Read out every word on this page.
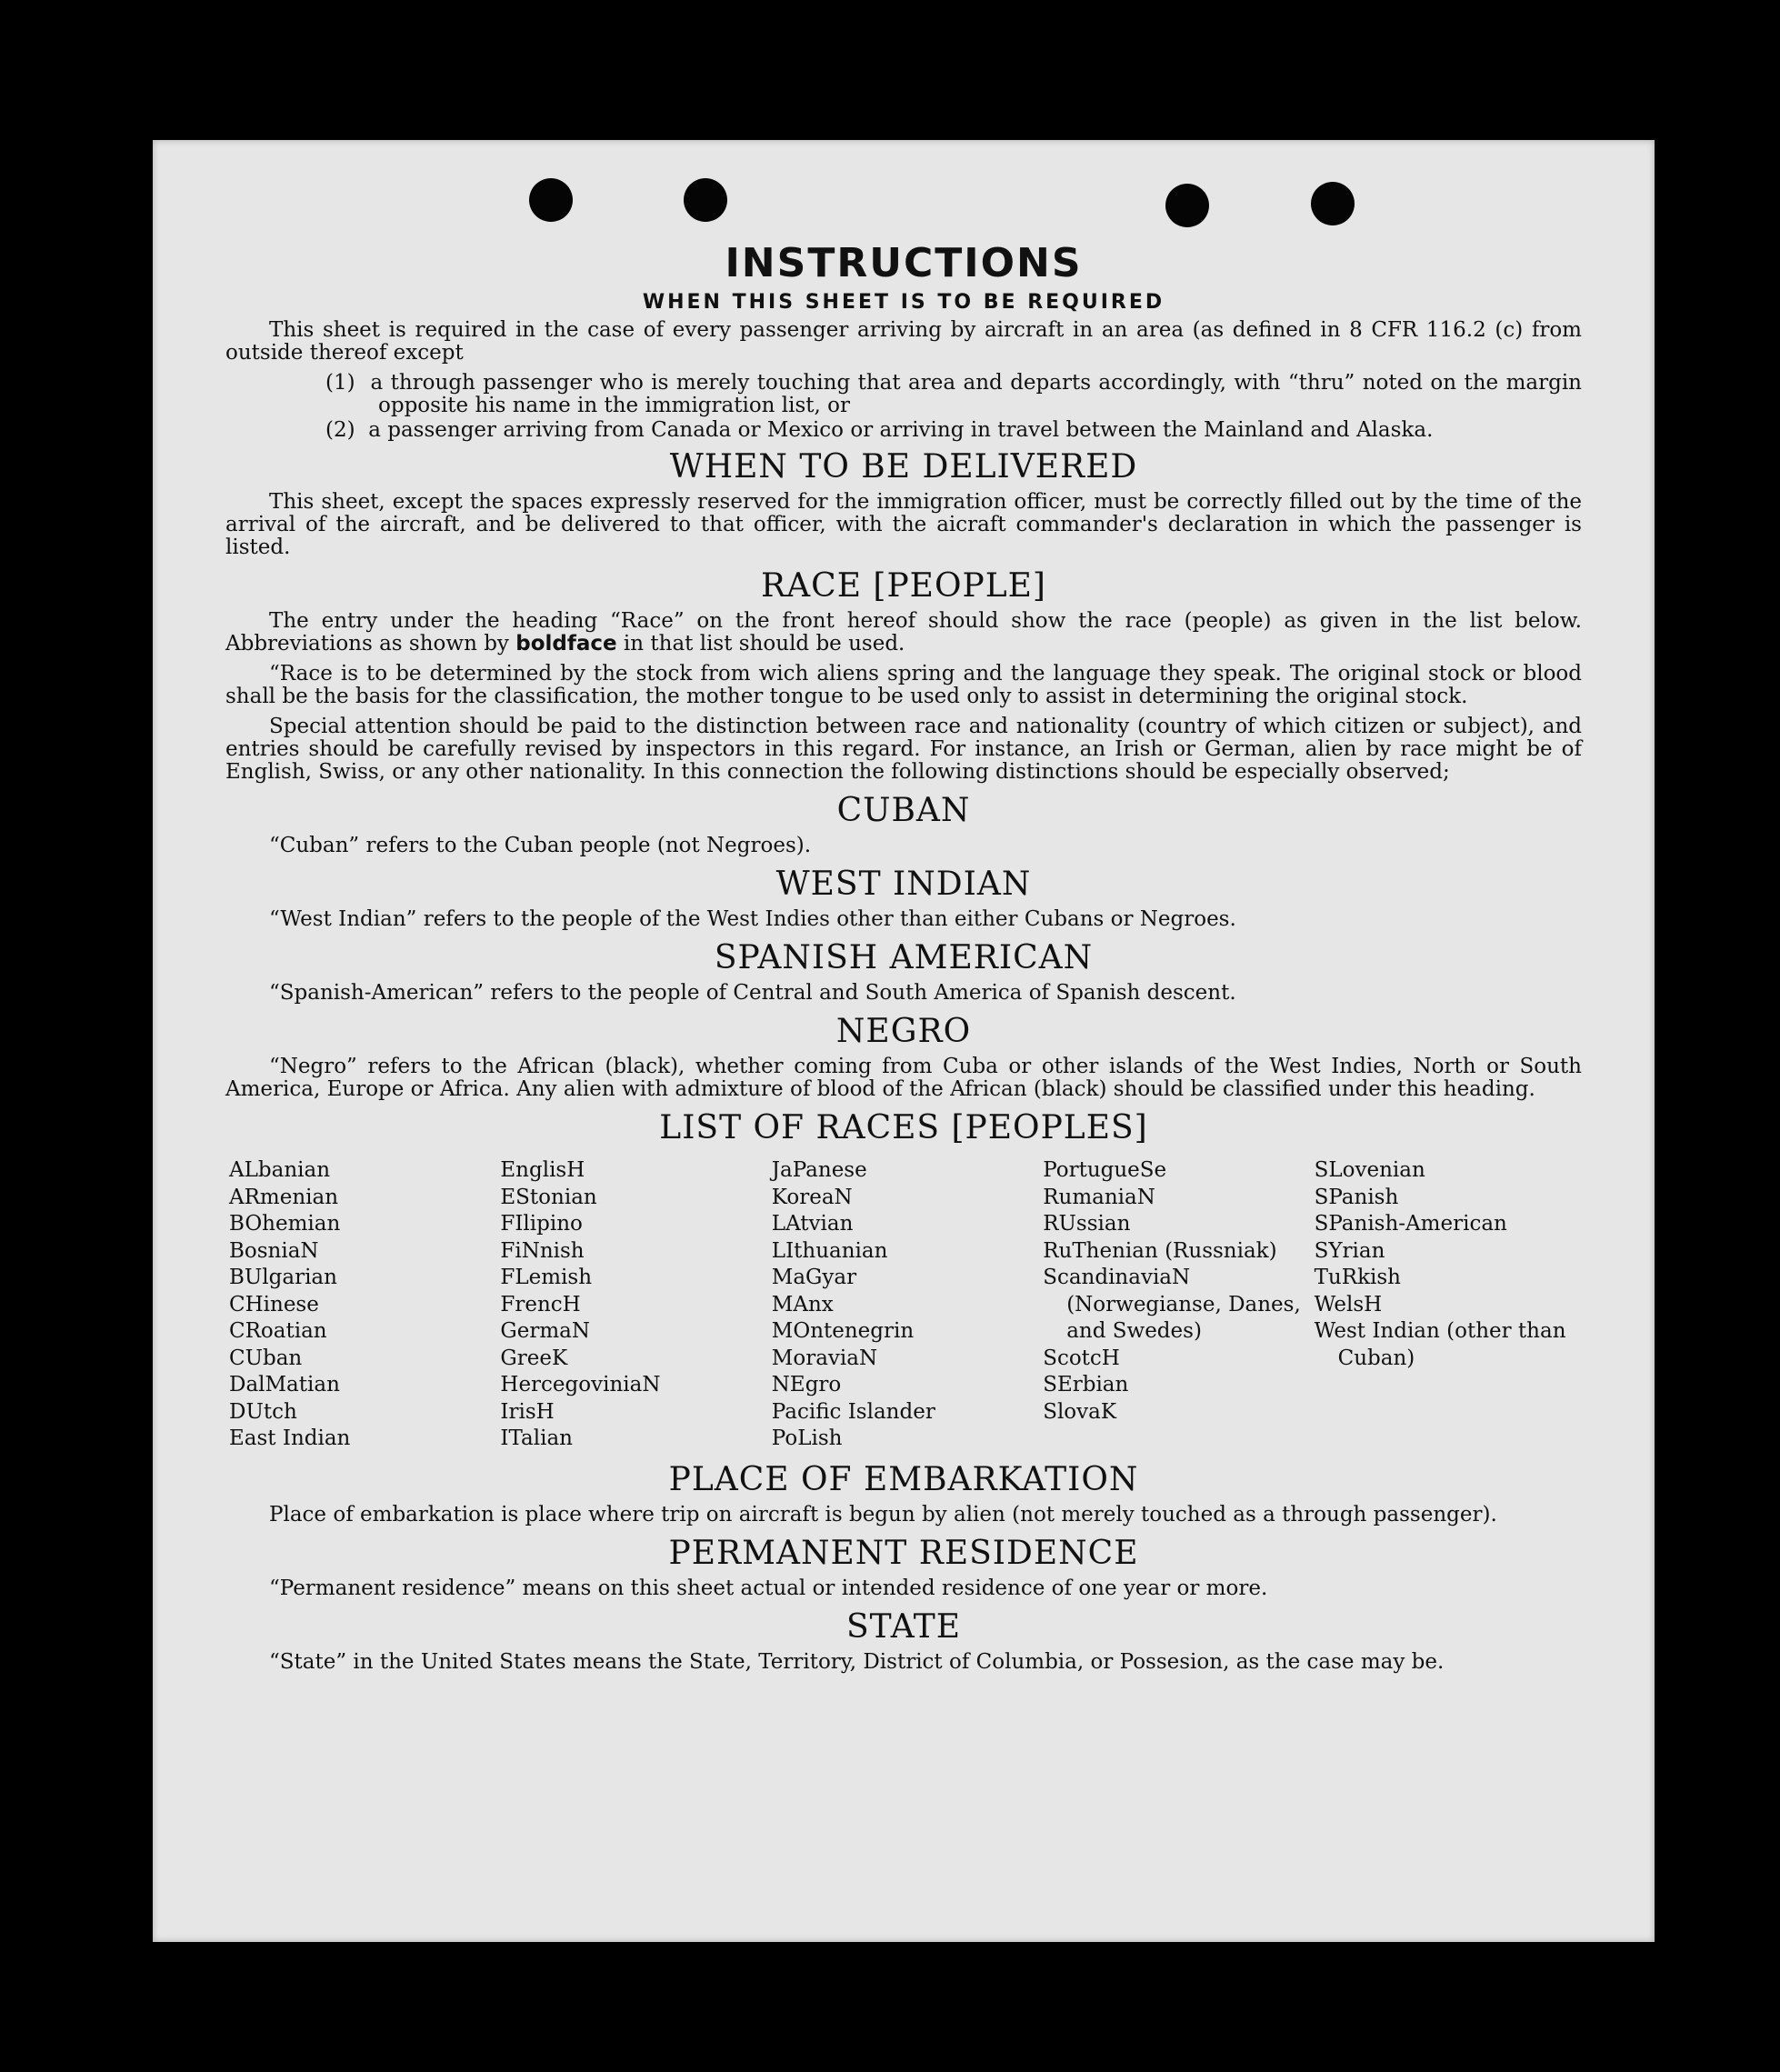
INSTRUCTIONS
WHEN THIS SHEET IS TO BE REQUIRED

This sheet is required in the case of every passenger arriving by aircraft in an area (as defined in 8 CFR 116.2 (c) from outside thereof except

(1) a through passenger who is merely touching that area and departs accordingly, with “thru” noted on the margin opposite his name in the immigration list, or
(2) a passenger arriving from Canada or Mexico or arriving in travel between the Mainland and Alaska.
WHEN TO BE DELIVERED

This sheet, except the spaces expressly reserved for the immigration officer, must be correctly filled out by the time of the arrival of the aircraft, and be delivered to that officer, with the aicraft commander's declaration in which the passenger is listed.

RACE [PEOPLE]

The entry under the heading “Race” on the front hereof should show the race (people) as given in the list below. Abbreviations as shown by boldface in that list should be used.

“Race is to be determined by the stock from wich aliens spring and the language they speak. The original stock or blood shall be the basis for the classification, the mother tongue to be used only to assist in determining the original stock.

Special attention should be paid to the distinction between race and nationality (country of which citizen or subject), and entries should be carefully revised by inspectors in this regard. For instance, an Irish or German, alien by race might be of English, Swiss, or any other nationality. In this connection the following distinctions should be especially observed;

CUBAN

“Cuban” refers to the Cuban people (not Negroes).

WEST INDIAN

“West Indian” refers to the people of the West Indies other than either Cubans or Negroes.

SPANISH AMERICAN

“Spanish-American” refers to the people of Central and South America of Spanish descent.

NEGRO

“Negro” refers to the African (black), whether coming from Cuba or other islands of the West Indies, North or South America, Europe or Africa. Any alien with admixture of blood of the African (black) should be classified under this heading.

LIST OF RACES [PEOPLES]
ALbanian
ARmenian
BOhemian
BosniaN
BUlgarian
CHinese
CRoatian
CUban
DalMatian
DUtch
East Indian
EnglisH
EStonian
FIlipino
FiNnish
FLemish
FrencH
GermaN
GreeK
HercegoviniaN
IrisH
ITalian
JaPanese
KoreaN
LAtvian
LIthuanian
MaGyar
MAnx
MOntenegrin
MoraviaN
NEgro
Pacific Islander
PoLish
PortugueSe
RumaniaN
RUssian
RuThenian (Russniak)
ScandinaviaN (Norwegianse, Danes, and Swedes)
ScotcH
SErbian
SlovaK
SLovenian
SPanish
SPanish-American
SYrian
TuRkish
WelsH
West Indian (other than Cuban)
PLACE OF EMBARKATION

Place of embarkation is place where trip on aircraft is begun by alien (not merely touched as a through passenger).

PERMANENT RESIDENCE

“Permanent residence” means on this sheet actual or intended residence of one year or more.

STATE

“State” in the United States means the State, Territory, District of Columbia, or Possesion, as the case may be.
